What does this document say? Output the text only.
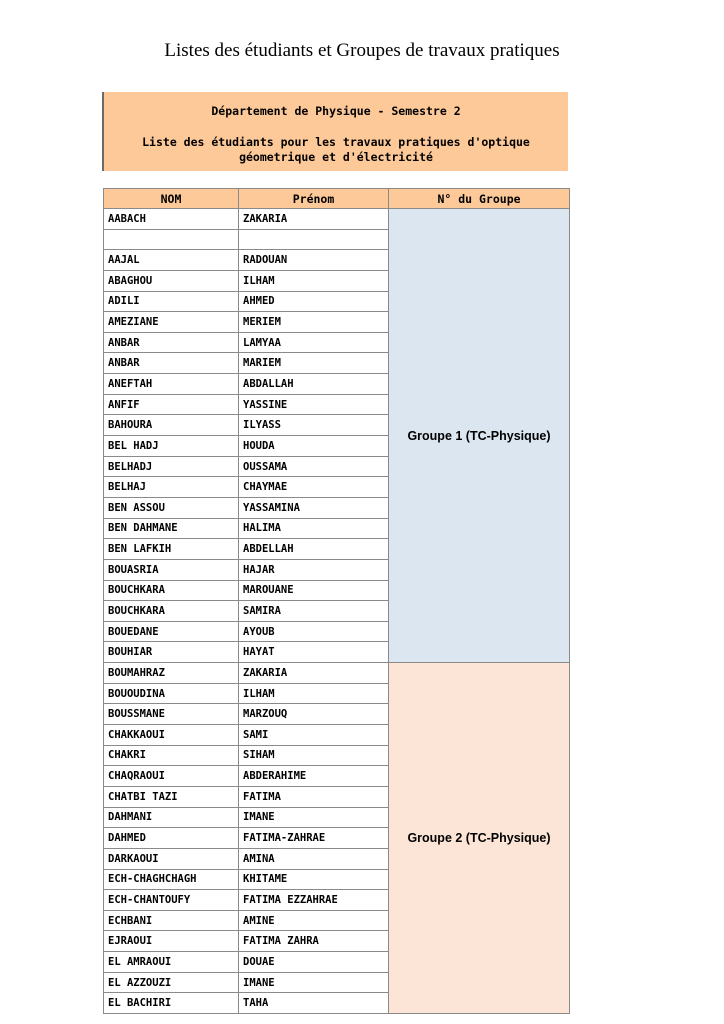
Listes des étudiants et Groupes de travaux pratiques
Département de Physique - Semestre 2
Liste des étudiants pour les travaux pratiques d'optique
géometrique et d'électricité
NOM	Prénom	N° du Groupe
AABACH	ZAKARIA	Groupe 1 (TC-Physique)

AAJAL	RADOUAN	
ABAGHOU	ILHAM	
ADILI	AHMED	
AMEZIANE	MERIEM	
ANBAR	LAMYAA	
ANBAR	MARIEM	
ANEFTAH	ABDALLAH	
ANFIF	YASSINE	
BAHOURA	ILYASS	
BEL HADJ	HOUDA	
BELHADJ	OUSSAMA	
BELHAJ	CHAYMAE	
BEN ASSOU	YASSAMINA	
BEN DAHMANE	HALIMA	
BEN LAFKIH	ABDELLAH	
BOUASRIA	HAJAR	
BOUCHKARA	MAROUANE	
BOUCHKARA	SAMIRA	
BOUEDANE	AYOUB	
BOUHIAR	HAYAT	
BOUMAHRAZ	ZAKARIA	Groupe 2 (TC-Physique)
BOUOUDINA	ILHAM	
BOUSSMANE	MARZOUQ	
CHAKKAOUI	SAMI	
CHAKRI	SIHAM	
CHAQRAOUI	ABDERAHIME	
CHATBI TAZI	FATIMA	
DAHMANI	IMANE	
DAHMED	FATIMA-ZAHRAE	
DARKAOUI	AMINA	
ECH-CHAGHCHAGH	KHITAME	
ECH-CHANTOUFY	FATIMA EZZAHRAE	
ECHBANI	AMINE	
EJRAOUI	FATIMA ZAHRA	
EL AMRAOUI	DOUAE	
EL AZZOUZI	IMANE	
EL BACHIRI	TAHA	
